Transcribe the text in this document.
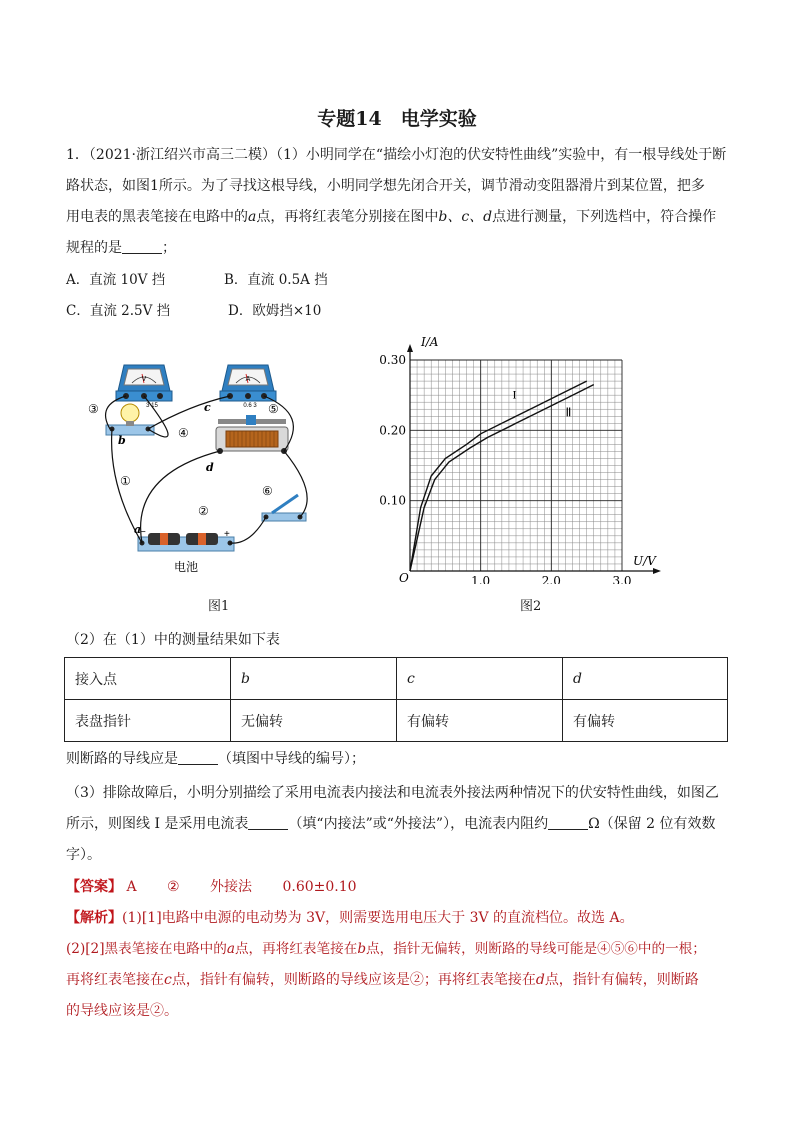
专题14　电学实验
1．（2021·浙江绍兴市高三二模）（1）小明同学在“描绘小灯泡的伏安特性曲线”实验中，有一根导线处于断
路状态，如图1所示。为了寻找这根导线，小明同学想先闭合开关，调节滑动变阻器滑片到某位置，把多
用电表的黑表笔接在电路中的a点，再将红表笔分别接在图中b、c、d点进行测量，下列选档中，符合操作
规程的是	；
A．直流 10V 挡	B．直流 0.5A 挡
C．直流 2.5V 挡	D．欧姆挡×10
V
3 15
A
0.6 3
−	+
③
④
⑤
①
②
⑥
b
c
d
a
电池
图1
1.0	2.0	3.0
0.10
0.20
0.30
I
Ⅱ
I/A
U/V
O
图2
（2）在（1）中的测量结果如下表
接入点	b	c	d
表盘指针	无偏转	有偏转	有偏转
则断路的导线应是	（填图中导线的编号）；
（3）排除故障后，小明分别描绘了采用电流表内接法和电流表外接法两种情况下的伏安特性曲线，如图乙
所示，则图线 I 是采用电流表	（填“内接法”或“外接法”），电流表内阻约	Ω（保留 2 位有效数
字）。
【答案】 A ② 外接法 0.60±0.10
【解析】(1)[1]电路中电源的电动势为 3V，则需要选用电压大于 3V 的直流档位。故选 A。
(2)[2]黑表笔接在电路中的a点，再将红表笔接在b点，指针无偏转，则断路的导线可能是④⑤⑥中的一根；
再将红表笔接在c点，指针有偏转，则断路的导线应该是②；再将红表笔接在d点，指针有偏转，则断路
的导线应该是②。
